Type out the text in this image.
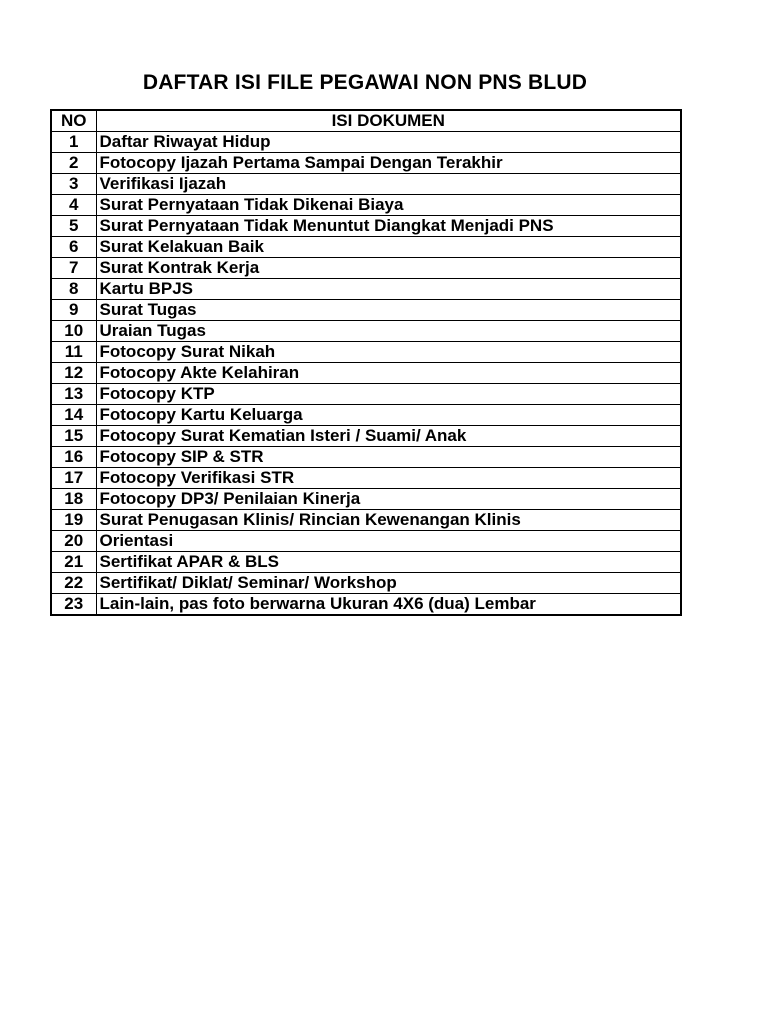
DAFTAR ISI FILE PEGAWAI NON PNS BLUD
NO	ISI DOKUMEN
1	Daftar Riwayat Hidup
2	Fotocopy Ijazah Pertama Sampai Dengan Terakhir
3	Verifikasi Ijazah
4	Surat Pernyataan Tidak Dikenai Biaya
5	Surat Pernyataan Tidak Menuntut Diangkat Menjadi PNS
6	Surat Kelakuan Baik
7	Surat Kontrak Kerja
8	Kartu BPJS
9	Surat Tugas
10	Uraian Tugas
11	Fotocopy Surat Nikah
12	Fotocopy Akte Kelahiran
13	Fotocopy KTP
14	Fotocopy Kartu Keluarga
15	Fotocopy Surat Kematian Isteri / Suami/ Anak
16	Fotocopy SIP & STR
17	Fotocopy Verifikasi STR
18	Fotocopy DP3/ Penilaian Kinerja
19	Surat Penugasan Klinis/ Rincian Kewenangan Klinis
20	Orientasi
21	Sertifikat APAR & BLS
22	Sertifikat/ Diklat/ Seminar/ Workshop
23	Lain-lain, pas foto berwarna Ukuran 4X6 (dua) Lembar
